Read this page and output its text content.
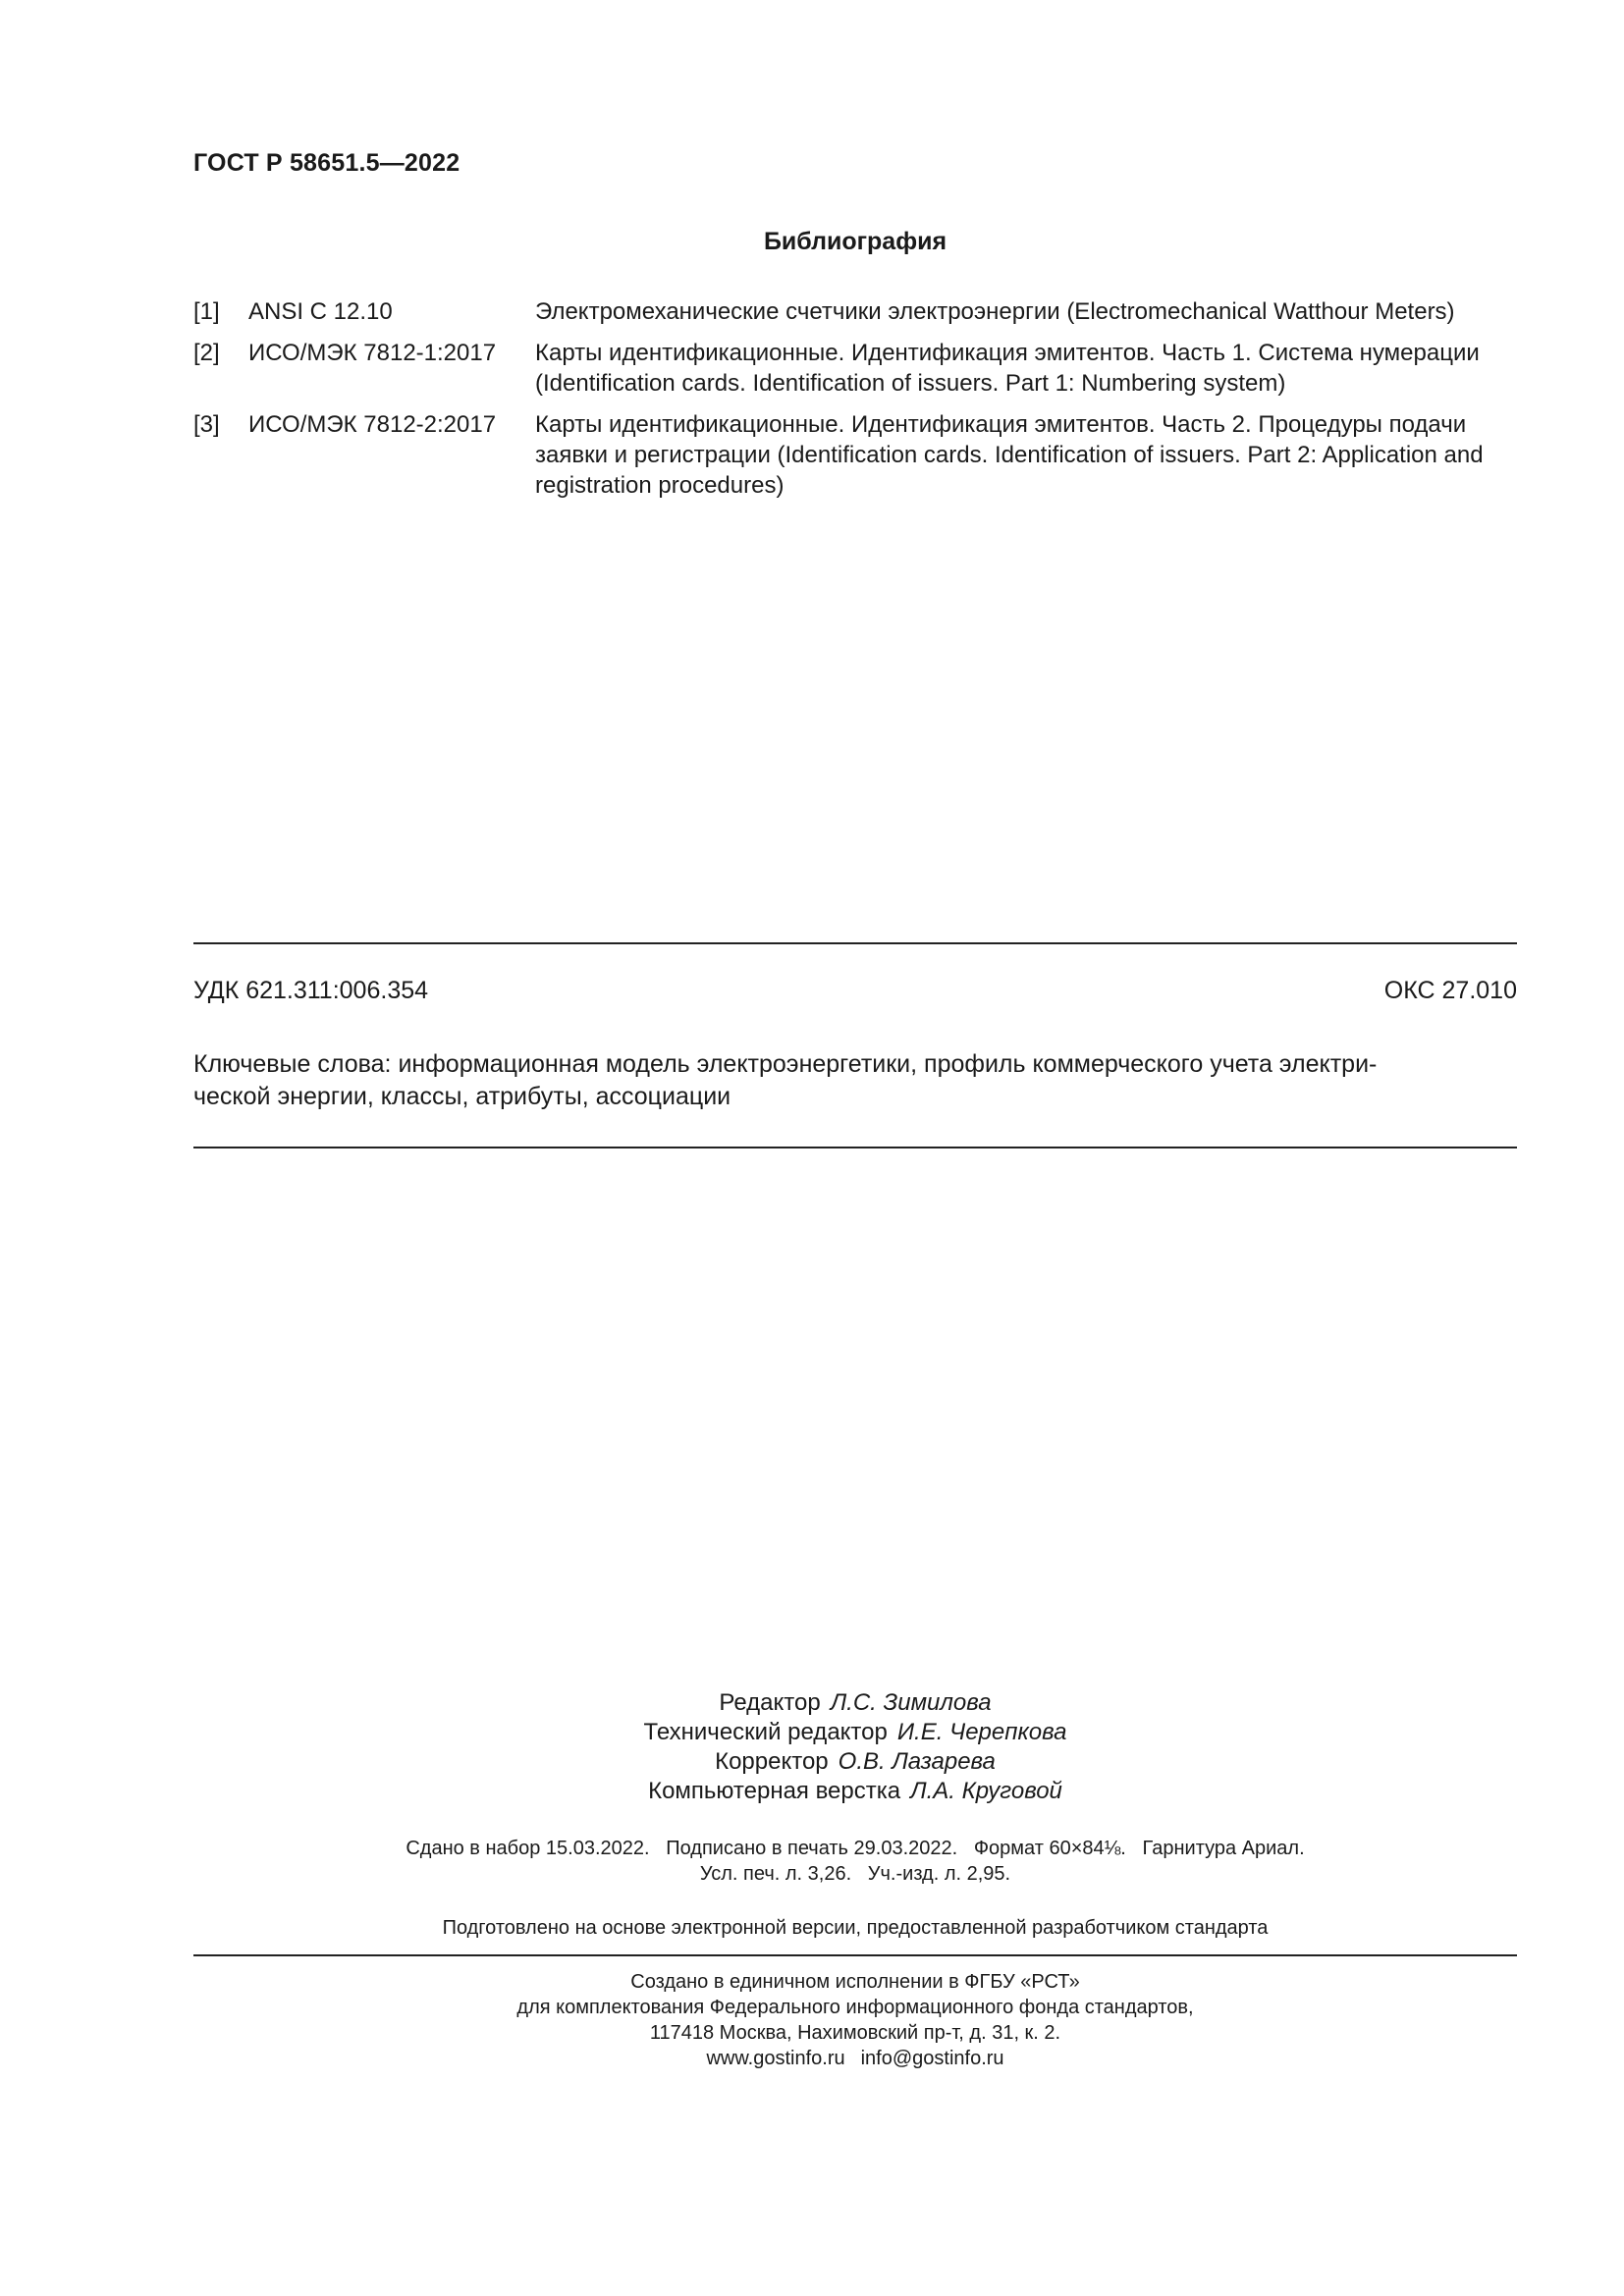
ГОСТ Р 58651.5—2022
Библиография
[1]	ANSI C 12.10	Электромеханические счетчики электроэнергии (Electromechanical Watthour Meters)
[2]	ИСО/МЭК 7812-1:2017	Карты идентификационные. Идентификация эмитентов. Часть 1. Система нумерации (Identification cards. Identification of issuers. Part 1: Numbering system)
[3]	ИСО/МЭК 7812-2:2017	Карты идентификационные. Идентификация эмитентов. Часть 2. Процедуры подачи заявки и регистрации (Identification cards. Identification of issuers. Part 2: Application and registration procedures)
УДК 621.311:006.354	ОКС 27.010
Ключевые слова: информационная модель электроэнергетики, профиль коммерческого учета электри-
ческой энергии, классы, атрибуты, ассоциации
Редактор Л.С. Зимилова
Технический редактор И.Е. Черепкова
Корректор О.В. Лазарева
Компьютерная верстка Л.А. Круговой
Сдано в набор 15.03.2022.   Подписано в печать 29.03.2022.   Формат 60×84⅛.   Гарнитура Ариал.
Усл. печ. л. 3,26.   Уч.-изд. л. 2,95.
Подготовлено на основе электронной версии, предоставленной разработчиком стандарта
Создано в единичном исполнении в ФГБУ «РСТ»
для комплектования Федерального информационного фонда стандартов,
117418 Москва, Нахимовский пр-т, д. 31, к. 2.
www.gostinfo.ru info@gostinfo.ru
